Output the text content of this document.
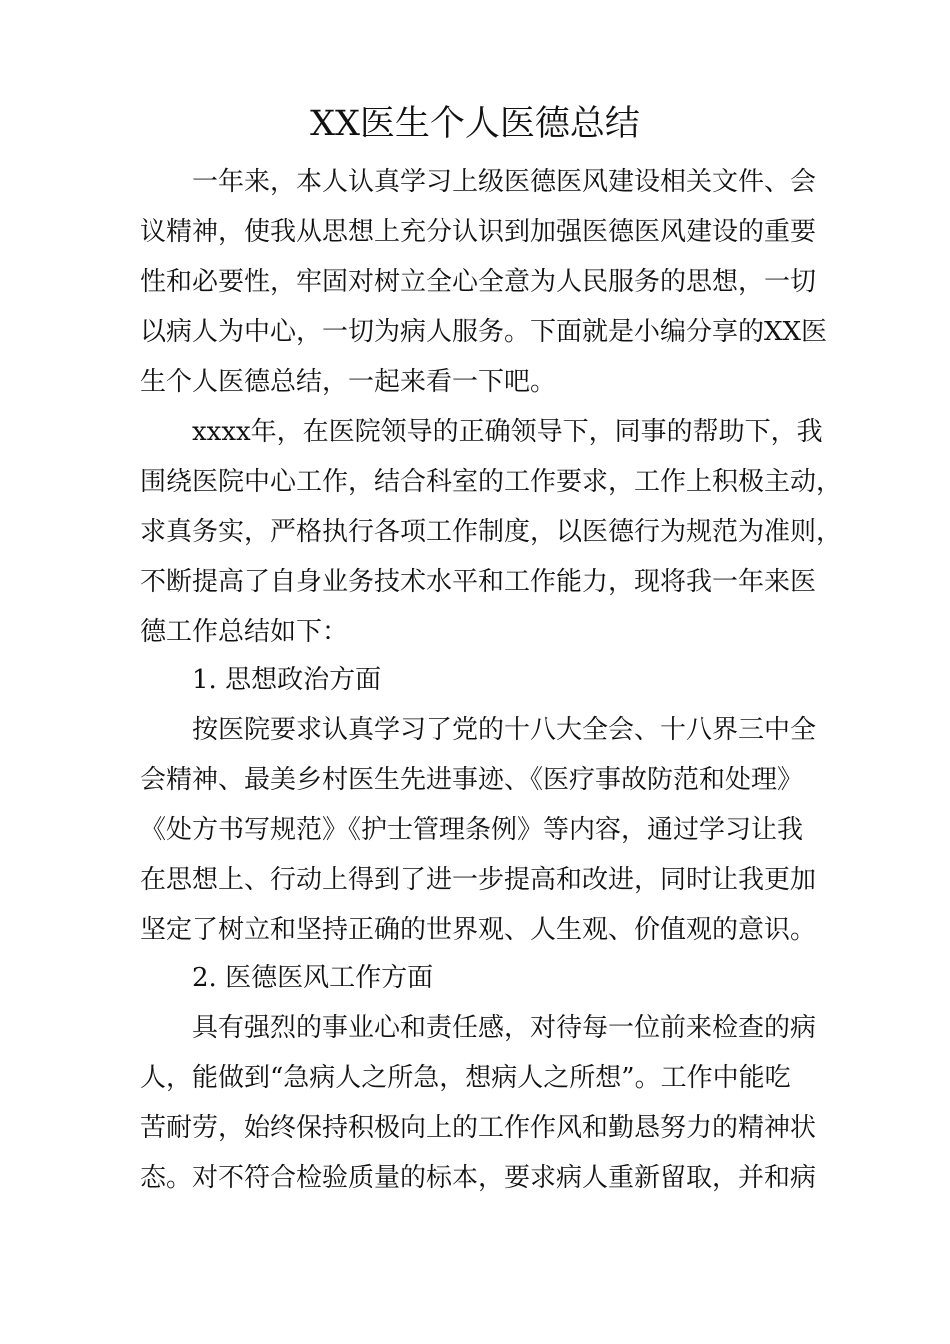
XX医生个人医德总结
一年来，本人认真学习上级医德医风建设相关文件、会
议精神，使我从思想上充分认识到加强医德医风建设的重要
性和必要性，牢固对树立全心全意为人民服务的思想，一切
以病人为中心，一切为病人服务。下面就是小编分享的XX医
生个人医德总结，一起来看一下吧。
xxxx年，在医院领导的正确领导下，同事的帮助下，我
围绕医院中心工作，结合科室的工作要求，工作上积极主动，
求真务实，严格执行各项工作制度，以医德行为规范为准则，
不断提高了自身业务技术水平和工作能力，现将我一年来医
德工作总结如下：
1. 思想政治方面
按医院要求认真学习了党的十八大全会、十八界三中全
会精神、最美乡村医生先进事迹、《医疗事故防范和处理》
《处方书写规范》《护士管理条例》等内容，通过学习让我
在思想上、行动上得到了进一步提高和改进，同时让我更加
坚定了树立和坚持正确的世界观、人生观、价值观的意识。
2. 医德医风工作方面
具有强烈的事业心和责任感，对待每一位前来检查的病
人，能做到“急病人之所急，想病人之所想”。工作中能吃
苦耐劳，始终保持积极向上的工作作风和勤恳努力的精神状
态。对不符合检验质量的标本，要求病人重新留取，并和病
